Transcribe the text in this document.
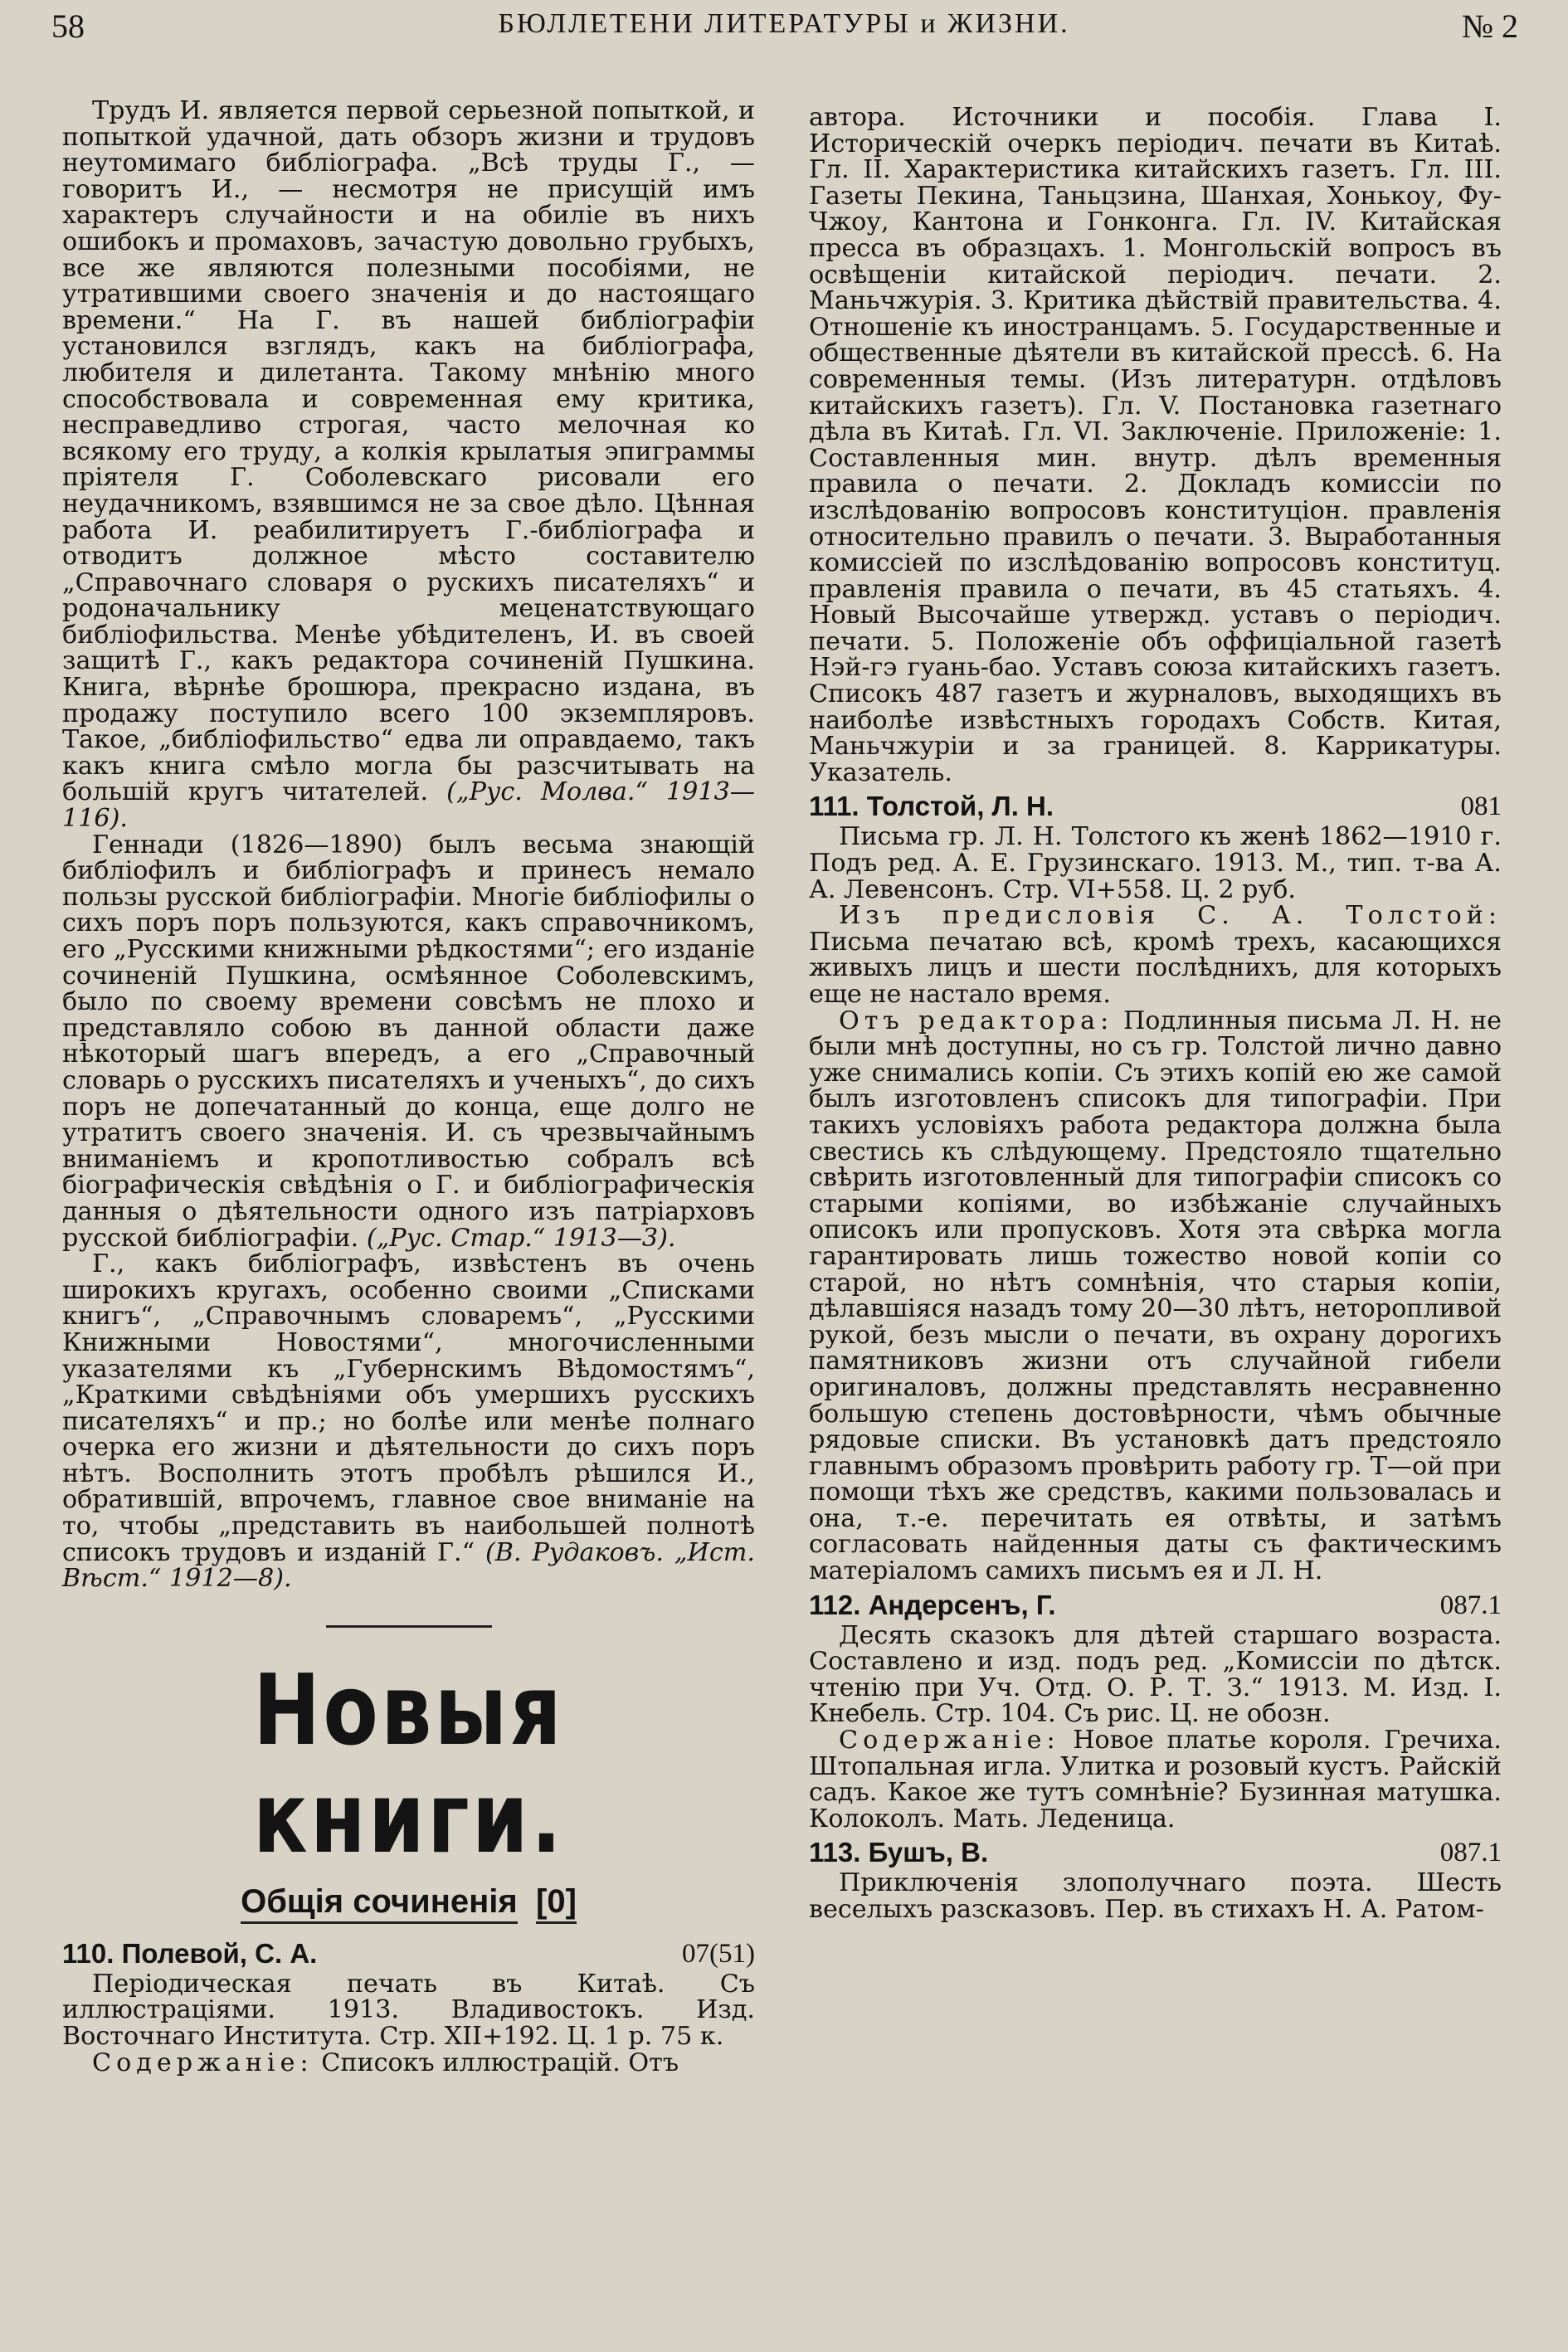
58	БЮЛЛЕТЕНИ ЛИТЕРАТУРЫ и ЖИЗНИ.	№ 2

Трудъ И. является первой серьезной попыткой, и попыткой удачной, дать обзоръ жизни и трудовъ неутомимаго библіографа. „Всѣ труды Г., — говоритъ И., — несмотря не присущій имъ характеръ случайности и на обиліе въ нихъ ошибокъ и промаховъ, зачастую довольно грубыхъ, все же являются полезными пособіями, не утратившими своего значенія и до настоящаго времени.“ На Г. въ нашей библіографіи установился взглядъ, какъ на библіографа, любителя и дилетанта. Такому мнѣнію много способствовала и современная ему критика, несправедливо строгая, часто мелочная ко всякому его труду, а колкія крылатыя эпиграммы пріятеля Г. Соболевскаго рисовали его неудачникомъ, взявшимся не за свое дѣло. Цѣнная работа И. реабилитируетъ Г.-библіографа и отводитъ должное мѣсто составителю „Справочнаго словаря о рускихъ писателяхъ“ и родоначальнику меценатствующаго библіофильства. Менѣе убѣдителенъ, И. въ своей защитѣ Г., какъ редактора сочиненій Пушкина. Книга, вѣрнѣе брошюра, прекрасно издана, въ продажу поступило всего 100 экземпляровъ. Такое, „библіофильство“ едва ли оправдаемо, такъ какъ книга смѣло могла бы разсчитывать на большій кругъ читателей. („Рус. Молва.“ 1913—116).

Геннади (1826—1890) былъ весьма знающій библіофилъ и библіографъ и принесъ немало пользы русской библіографіи. Многіе библіофилы о сихъ поръ поръ пользуются, какъ справочникомъ, его „Русскими книжными рѣдкостями“; его изданіе сочиненій Пушкина, осмѣянное Соболевскимъ, было по своему времени совсѣмъ не плохо и представляло собою въ данной области даже нѣкоторый шагъ впередъ, а его „Справочный словарь о русскихъ писателяхъ и ученыхъ“, до сихъ поръ не допечатанный до конца, еще долго не утратитъ своего значенія. И. съ чрезвычайнымъ вниманіемъ и кропотливостью собралъ всѣ біографическія свѣдѣнія о Г. и библіографическія данныя о дѣятельности одного изъ патріарховъ русской библіографіи. („Рус. Стар.“ 1913—3).

Г., какъ библіографъ, извѣстенъ въ очень широкихъ кругахъ, особенно своими „Списками книгъ“, „Справочнымъ словаремъ“, „Русскими Книжными Новостями“, многочисленными указателями къ „Губернскимъ Вѣдомостямъ“, „Краткими свѣдѣніями объ умершихъ русскихъ писателяхъ“ и пр.; но болѣе или менѣе полнаго очерка его жизни и дѣятельности до сихъ поръ нѣтъ. Восполнить этотъ пробѣлъ рѣшился И., обратившій, впрочемъ, главное свое вниманіе на то, чтобы „представить въ наибольшей полнотѣ списокъ трудовъ и изданій Г.“ (В. Рудаковъ. „Ист. Вѣст.“ 1912—8).

Новыя книги.
Общія сочиненія [0]
110. Полевой, С. А.	07(51)

Періодическая печать въ Китаѣ. Съ иллюстраціями. 1913. Владивостокъ. Изд. Восточнаго Института. Стр. XII+192. Ц. 1 р. 75 к.

Содержаніе: Списокъ иллюстрацій. Отъ

автора. Источники и пособія. Глава I. Историческій очеркъ періодич. печати въ Китаѣ. Гл. II. Характеристика китайскихъ газетъ. Гл. III. Газеты Пекина, Таньцзина, Шанхая, Хонькоу, Фу-Чжоу, Кантона и Гонконга. Гл. IV. Китайская пресса въ образцахъ. 1. Монгольскій вопросъ въ освѣщеніи китайской періодич. печати. 2. Маньчжурія. 3. Критика дѣйствій правительства. 4. Отношеніе къ иностранцамъ. 5. Государственные и общественные дѣятели въ китайской прессѣ. 6. На современныя темы. (Изъ литературн. отдѣловъ китайскихъ газетъ). Гл. V. Постановка газетнаго дѣла въ Китаѣ. Гл. VI. Заключеніе. Приложеніе: 1. Составленныя мин. внутр. дѣлъ временныя правила о печати. 2. Докладъ комиссіи по изслѣдованію вопросовъ конституціон. правленія относительно правилъ о печати. 3. Выработанныя комиссіей по изслѣдованію вопросовъ конституц. правленія правила о печати, въ 45 статьяхъ. 4. Новый Высочайше утвержд. уставъ о періодич. печати. 5. Положеніе объ оффиціальной газетѣ Нэй-гэ гуань-бао. Уставъ союза китайскихъ газетъ. Списокъ 487 газетъ и журналовъ, выходящихъ въ наиболѣе извѣстныхъ городахъ Собств. Китая, Маньчжуріи и за границей. 8. Каррикатуры. Указатель.

111. Толстой, Л. Н.	081

Письма гр. Л. Н. Толстого къ женѣ 1862—1910 г. Подъ ред. А. Е. Грузинскаго. 1913. М., тип. т-ва А. А. Левенсонъ. Стр. VI+558. Ц. 2 руб.

Изъ предисловія С. А. Толстой: Письма печатаю всѣ, кромѣ трехъ, касающихся живыхъ лицъ и шести послѣднихъ, для которыхъ еще не настало время.

Отъ редактора: Подлинныя письма Л. Н. не были мнѣ доступны, но съ гр. Толстой лично давно уже снимались копіи. Съ этихъ копій ею же самой былъ изготовленъ списокъ для типографіи. При такихъ условіяхъ работа редактора должна была свестись къ слѣдующему. Предстояло тщательно свѣрить изготовленный для типографіи списокъ со старыми копіями, во избѣжаніе случайныхъ описокъ или пропусковъ. Хотя эта свѣрка могла гарантировать лишь тожество новой копіи со старой, но нѣтъ сомнѣнія, что старыя копіи, дѣлавшіяся назадъ тому 20—30 лѣтъ, неторопливой рукой, безъ мысли о печати, въ охрану дорогихъ памятниковъ жизни отъ случайной гибели оригиналовъ, должны представлять несравненно большую степень достовѣрности, чѣмъ обычные рядовые списки. Въ установкѣ датъ предстояло главнымъ образомъ провѣрить работу гр. Т—ой при помощи тѣхъ же средствъ, какими пользовалась и она, т.-е. перечитать ея отвѣты, и затѣмъ согласовать найденныя даты съ фактическимъ матеріаломъ самихъ письмъ ея и Л. Н.

112. Андерсенъ, Г.	087.1

Десять сказокъ для дѣтей старшаго возраста. Составлено и изд. подъ ред. „Комиссіи по дѣтск. чтенію при Уч. Отд. О. Р. Т. З.“ 1913. М. Изд. І. Кнебель. Стр. 104. Съ рис. Ц. не обозн.

Содержаніе: Новое платье короля. Гречиха. Штопальная игла. Улитка и розовый кустъ. Райскій садъ. Какое же тутъ сомнѣніе? Бузинная матушка. Колоколъ. Мать. Леденица.

113. Бушъ, В.	087.1

Приключенія злополучнаго поэта. Шесть веселыхъ разсказовъ. Пер. въ стихахъ Н. А. Ратом-
